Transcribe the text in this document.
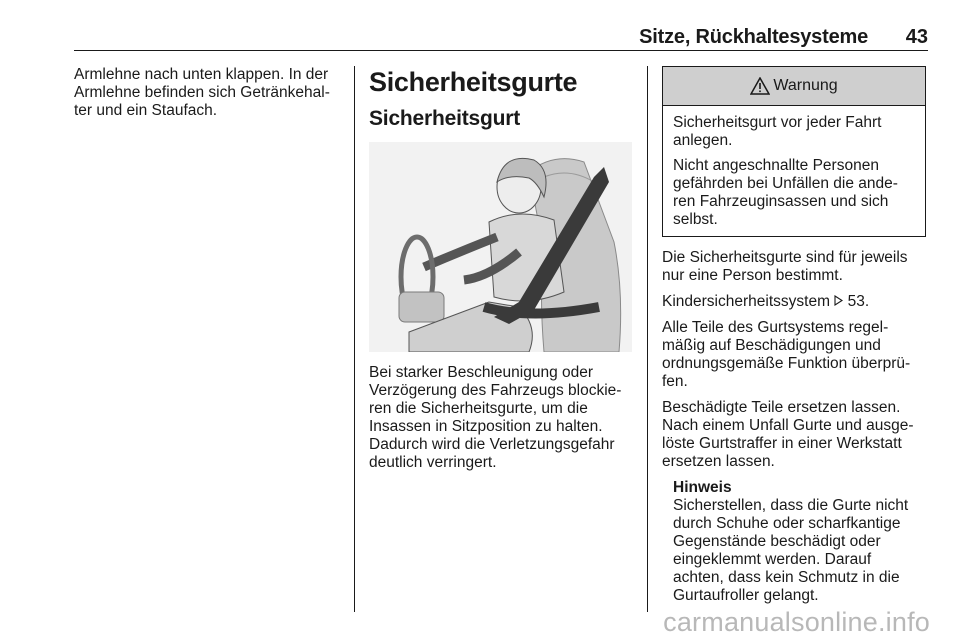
Sitze, Rückhaltesysteme 43

Armlehne nach unten klappen. In der
Armlehne befinden sich Getränkehal-
ter und ein Staufach.

Sicherheitsgurte
Sicherheitsgurt

Bei starker Beschleunigung oder
Verzögerung des Fahrzeugs blockie-
ren die Sicherheitsgurte, um die
Insassen in Sitzposition zu halten.
Dadurch wird die Verletzungsgefahr
deutlich verringert.

Warnung

Sicherheitsgurt vor jeder Fahrt
anlegen.

Nicht angeschnallte Personen
gefährden bei Unfällen die ande-
ren Fahrzeuginsassen und sich
selbst.

Die Sicherheitsgurte sind für jeweils
nur eine Person bestimmt.

Kindersicherheitssystem 53.

Alle Teile des Gurtsystems regel-
mäßig auf Beschädigungen und
ordnungsgemäße Funktion überprü-
fen.

Beschädigte Teile ersetzen lassen.
Nach einem Unfall Gurte und ausge-
löste Gurtstraffer in einer Werkstatt
ersetzen lassen.

Hinweis

Sicherstellen, dass die Gurte nicht
durch Schuhe oder scharfkantige
Gegenstände beschädigt oder
eingeklemmt werden. Darauf
achten, dass kein Schmutz in die
Gurtaufroller gelangt.

carmanualsonline.info
